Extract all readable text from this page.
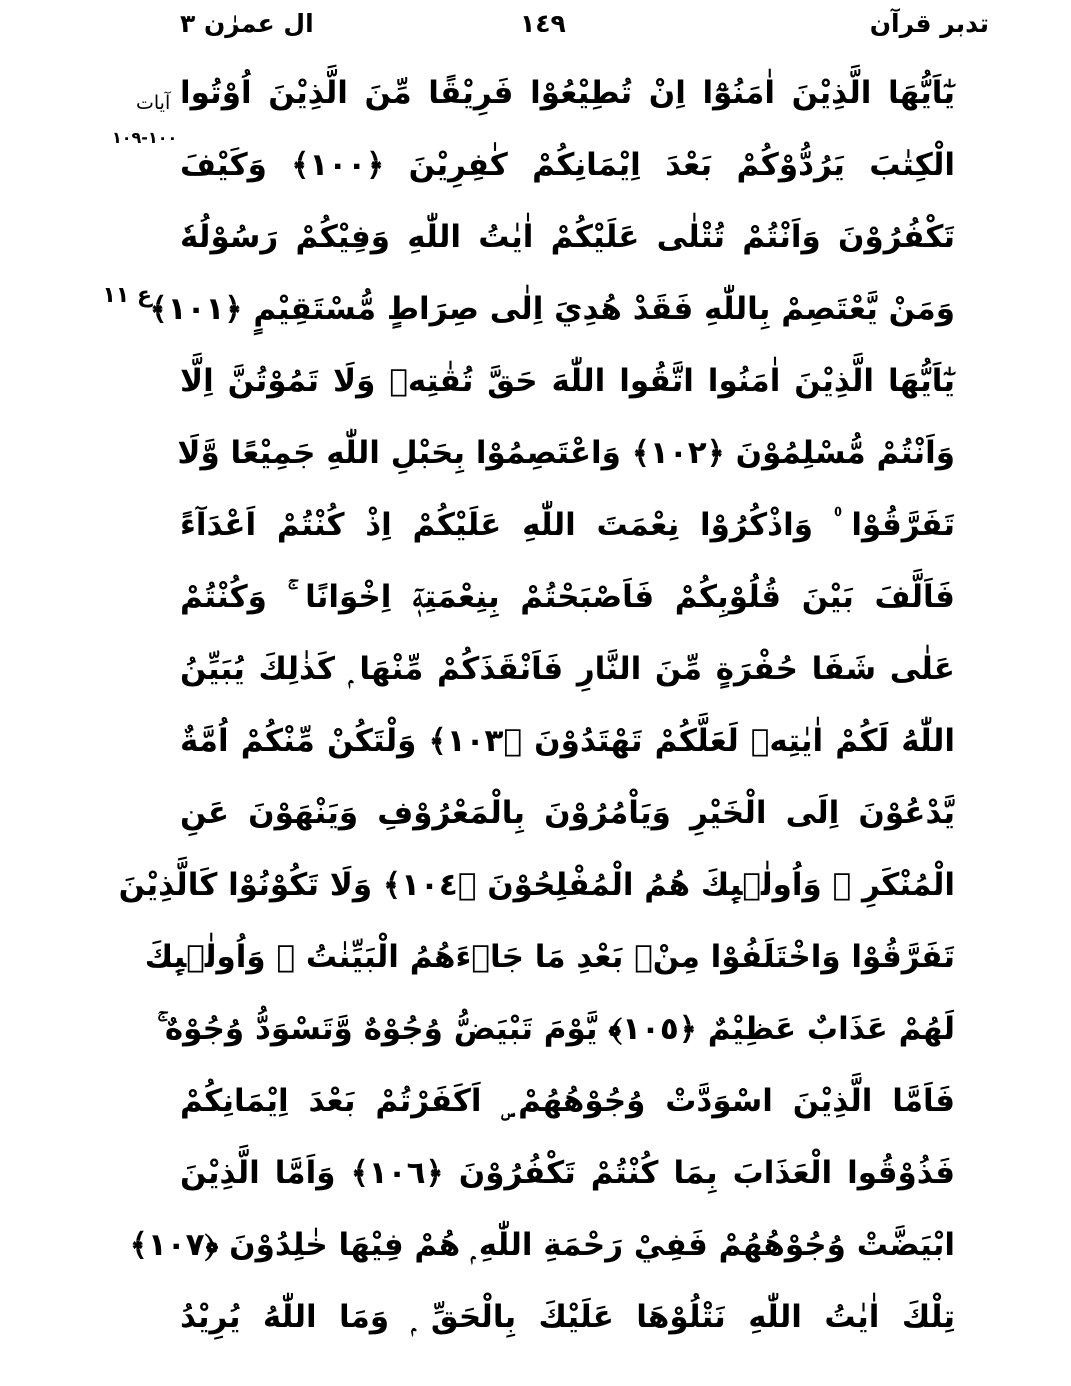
ال عمرٰن ٣	١٤٩	تدبر قرآن
آیات
١٠٠-١٠٩
ع ١١
يٰٓاَيُّهَا الَّذِيْنَ اٰمَنُوْٓا اِنْ تُطِيْعُوْا فَرِيْقًا مِّنَ الَّذِيْنَ اُوْتُوا
الْكِتٰبَ يَرُدُّوْكُمْ بَعْدَ اِيْمَانِكُمْ كٰفِرِيْنَ ﴿١٠٠﴾ وَكَيْفَ
تَكْفُرُوْنَ وَاَنْتُمْ تُتْلٰى عَلَيْكُمْ اٰيٰتُ اللّٰهِ وَفِيْكُمْ رَسُوْلُهٗ
وَمَنْ يَّعْتَصِمْ بِاللّٰهِ فَقَدْ هُدِيَ اِلٰى صِرَاطٍ مُّسْتَقِيْمٍ ﴿١٠١﴾
يٰٓاَيُّهَا الَّذِيْنَ اٰمَنُوا اتَّقُوا اللّٰهَ حَقَّ تُقٰتِهٖ وَلَا تَمُوْتُنَّ اِلَّا
وَاَنْتُمْ مُّسْلِمُوْنَ ﴿١٠٢﴾ وَاعْتَصِمُوْا بِحَبْلِ اللّٰهِ جَمِيْعًا وَّلَا
تَفَرَّقُوْا ۠ وَاذْكُرُوْا نِعْمَتَ اللّٰهِ عَلَيْكُمْ اِذْ كُنْتُمْ اَعْدَآءً
فَاَلَّفَ بَيْنَ قُلُوْبِكُمْ فَاَصْبَحْتُمْ بِنِعْمَتِهٖٓ اِخْوَانًا ۚ وَكُنْتُمْ
عَلٰى شَفَا حُفْرَةٍ مِّنَ النَّارِ فَاَنْقَذَكُمْ مِّنْهَا ۭ كَذٰلِكَ يُبَيِّنُ
اللّٰهُ لَكُمْ اٰيٰتِهٖ لَعَلَّكُمْ تَهْتَدُوْنَ ﴿١٠٣﴾ وَلْتَكُنْ مِّنْكُمْ اُمَّةٌ
يَّدْعُوْنَ اِلَى الْخَيْرِ وَيَاْمُرُوْنَ بِالْمَعْرُوْفِ وَيَنْهَوْنَ عَنِ
الْمُنْكَرِ ۭ وَاُولٰۗىِٕكَ هُمُ الْمُفْلِحُوْنَ ﴿١٠٤﴾ وَلَا تَكُوْنُوْا كَالَّذِيْنَ
تَفَرَّقُوْا وَاخْتَلَفُوْا مِنْۢ بَعْدِ مَا جَاۗءَھُمُ الْبَيِّنٰتُ ۭ وَاُولٰۗىِٕكَ
لَھُمْ عَذَابٌ عَظِيْمٌ ﴿١٠٥﴾ يَّوْمَ تَبْيَضُّ وُجُوْهٌ وَّتَسْوَدُّ وُجُوْهٌ ۚ
فَاَمَّا الَّذِيْنَ اسْوَدَّتْ وُجُوْھُھُمْ ۣ اَكَفَرْتُمْ بَعْدَ اِيْمَانِكُمْ
فَذُوْقُوا الْعَذَابَ بِمَا كُنْتُمْ تَكْفُرُوْنَ ﴿١٠٦﴾ وَاَمَّا الَّذِيْنَ
ابْيَضَّتْ وُجُوْھُھُمْ فَفِيْ رَحْمَةِ اللّٰهِ ۭ ھُمْ فِيْھَا خٰلِدُوْنَ ﴿١٠٧﴾
تِلْكَ اٰيٰتُ اللّٰهِ نَتْلُوْھَا عَلَيْكَ بِالْحَقِّ ۭ وَمَا اللّٰهُ يُرِيْدُ
